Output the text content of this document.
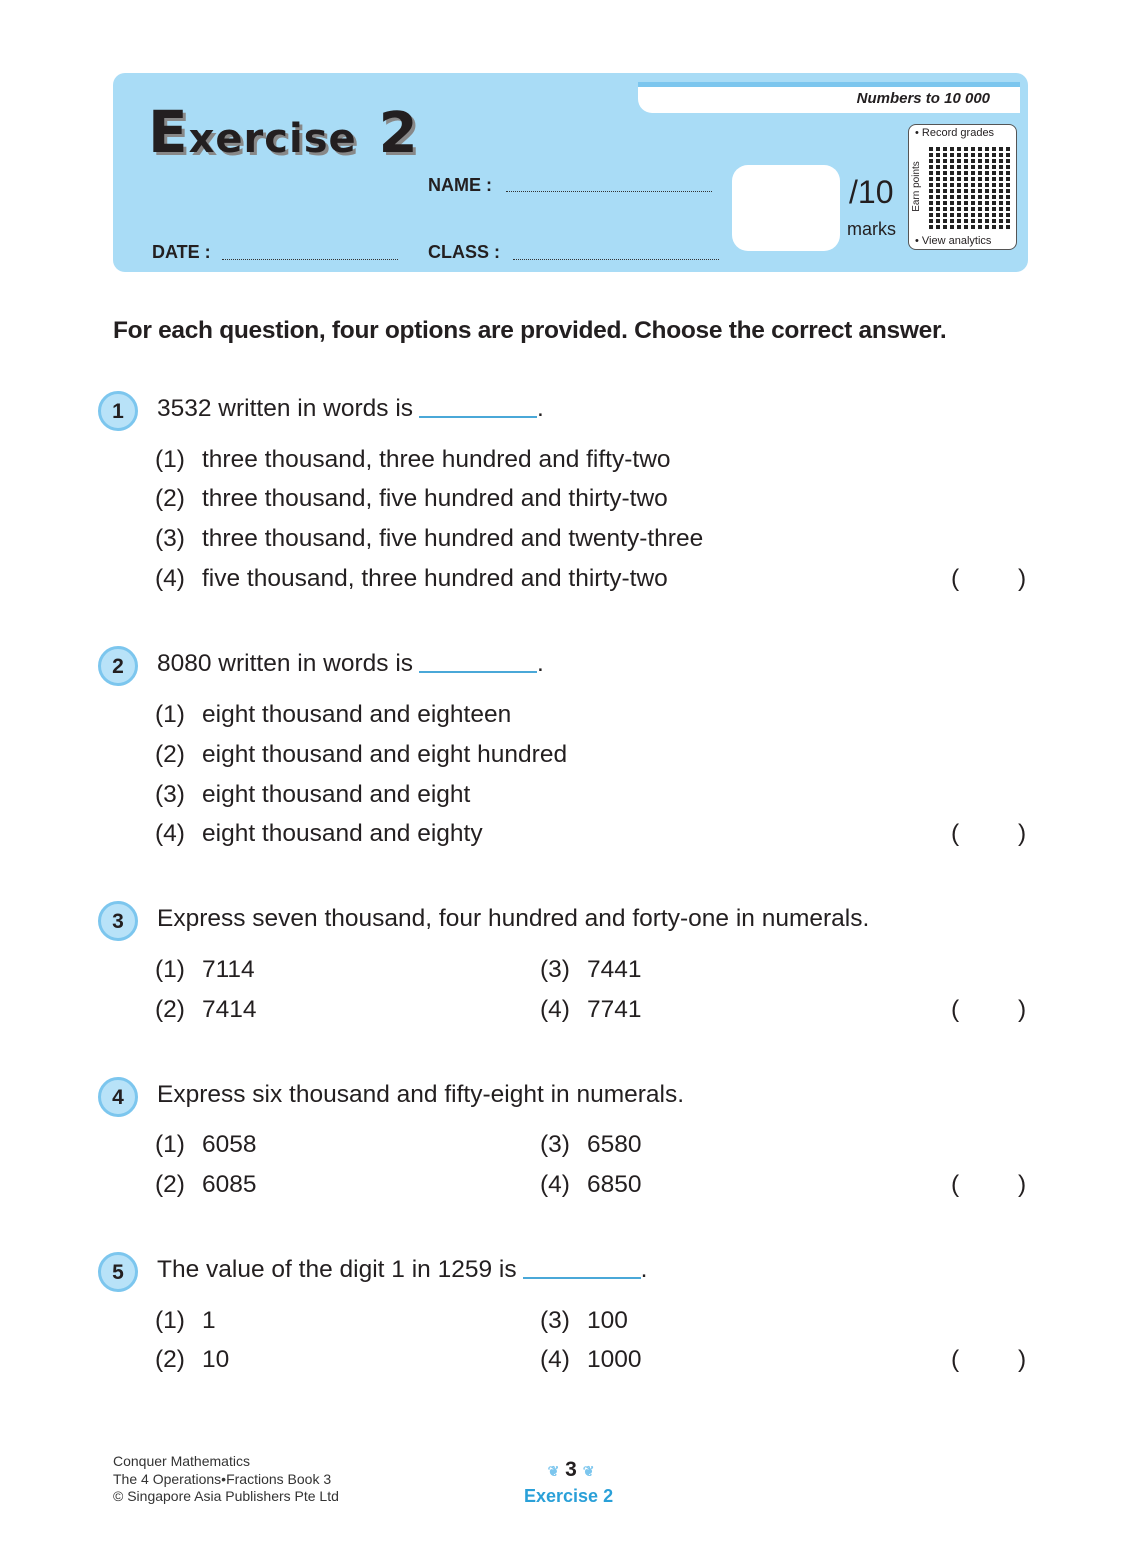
Numbers to 10 000
Exercise 2
NAME :
DATE :	CLASS :
/10
marks
• Record grades
Earn points
• View analytics
For each question, four options are provided. Choose the correct answer.
1	3532 written in words is	.
(1) three thousand, three hundred and fifty-two
(2) three thousand, five hundred and thirty-two
(3) three thousand, five hundred and twenty-three
(4) five thousand, three hundred and thirty-two	( )
2	8080 written in words is	.
(1) eight thousand and eighteen
(2) eight thousand and eight hundred
(3) eight thousand and eight
(4) eight thousand and eighty	( )
3	Express seven thousand, four hundred and forty-one in numerals.
(1) 7114
(2) 7414
(3) 7441
(4) 7741	( )
4	Express six thousand and fifty-eight in numerals.
(1) 6058
(2) 6085
(3) 6580
(4) 6850	( )
5	The value of the digit 1 in 1259 is	.
(1) 1
(2) 10
(3) 100
(4) 1000	( )
Conquer Mathematics
The 4 Operations•Fractions Book 3
© Singapore Asia Publishers Pte Ltd
❦ 3 ❦
Exercise 2
